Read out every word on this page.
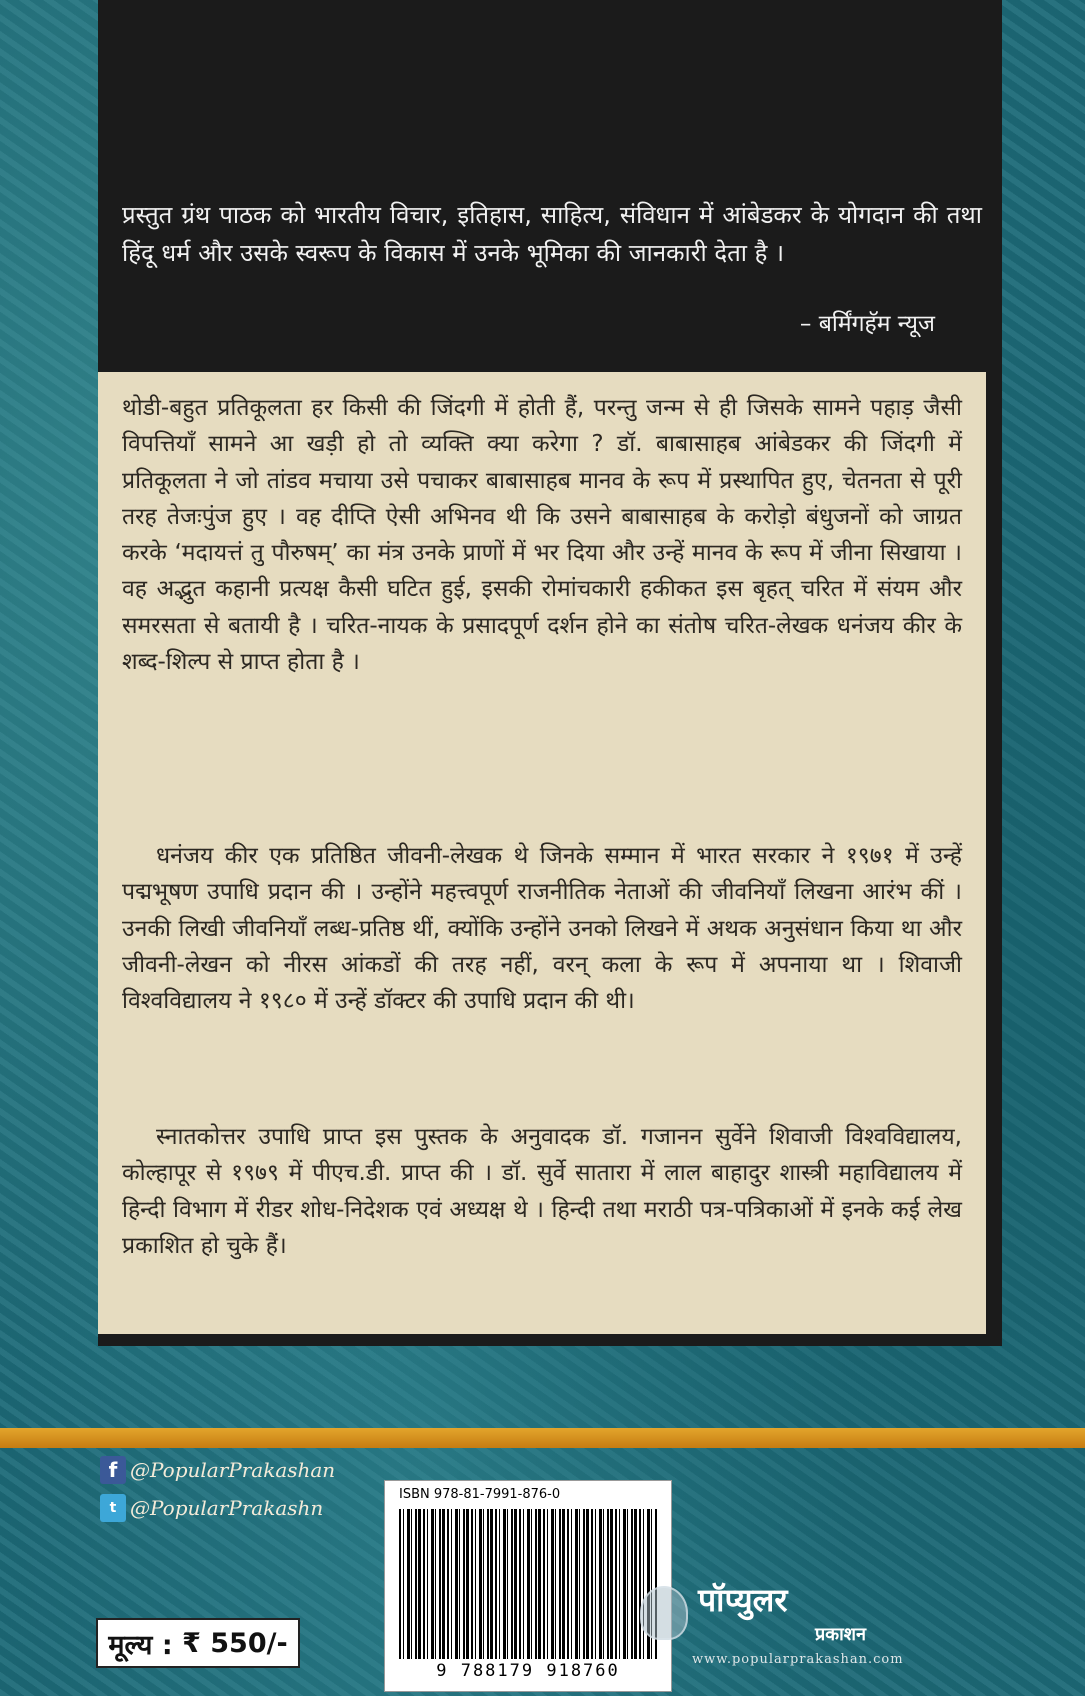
प्रस्तुत ग्रंथ पाठक को भारतीय विचार, इतिहास, साहित्य, संविधान में आंबेडकर के योगदान की तथा हिंदू धर्म और उसके स्वरूप के विकास में उनके भूमिका की जानकारी देता है ।

– बर्मिंगहॅम न्यूज

थोडी-बहुत प्रतिकूलता हर किसी की जिंदगी में होती हैं, परन्तु जन्म से ही जिसके सामने पहाड़ जैसी विपत्तियाँ सामने आ खड़ी हो तो व्यक्ति क्या करेगा ? डॉ. बाबासाहब आंबेडकर की जिंदगी में प्रतिकूलता ने जो तांडव मचाया उसे पचाकर बाबासाहब मानव के रूप में प्रस्थापित हुए, चेतनता से पूरी तरह तेजःपुंज हुए । वह दीप्ति ऐसी अभिनव थी कि उसने बाबासाहब के करोड़ो बंधुजनों को जाग्रत करके ‘मदायत्तं तु पौरुषम्’ का मंत्र उनके प्राणों में भर दिया और उन्हें मानव के रूप में जीना सिखाया । वह अद्भुत कहानी प्रत्यक्ष कैसी घटित हुई, इसकी रोमांचकारी हकीकत इस बृहत् चरित में संयम और समरसता से बतायी है । चरित-नायक के प्रसादपूर्ण दर्शन होने का संतोष चरित-लेखक धनंजय कीर के शब्द-शिल्प से प्राप्त होता है ।

धनंजय कीर एक प्रतिष्ठित जीवनी-लेखक थे जिनके सम्मान में भारत सरकार ने १९७१ में उन्हें पद्मभूषण उपाधि प्रदान की । उन्होंने महत्त्वपूर्ण राजनीतिक नेताओं की जीवनियाँ लिखना आरंभ कीं । उनकी लिखी जीवनियाँ लब्ध-प्रतिष्ठ थीं, क्योंकि उन्होंने उनको लिखने में अथक अनुसंधान किया था और जीवनी-लेखन को नीरस आंकडों की तरह नहीं, वरन् कला के रूप में अपनाया था । शिवाजी विश्वविद्यालय ने १९८० में उन्हें डॉक्टर की उपाधि प्रदान की थी।

स्नातकोत्तर उपाधि प्राप्त इस पुस्तक के अनुवादक डॉ. गजानन सुर्वेने शिवाजी विश्वविद्यालय, कोल्हापूर से १९७९ में पीएच.डी. प्राप्त की । डॉ. सुर्वे सातारा में लाल बाहादुर शास्त्री महाविद्यालय में हिन्दी विभाग में रीडर शोध-निदेशक एवं अध्यक्ष थे । हिन्दी तथा मराठी पत्र-पत्रिकाओं में इनके कई लेख प्रकाशित हो चुके हैं।

f @PopularPrakashan
t @PopularPrakashn

ISBN 978-81-7991-876-0

9 788179 918760

मूल्य :
₹ 550/-

पॉप्युलर

प्रकाशन

www.popularprakashan.com
